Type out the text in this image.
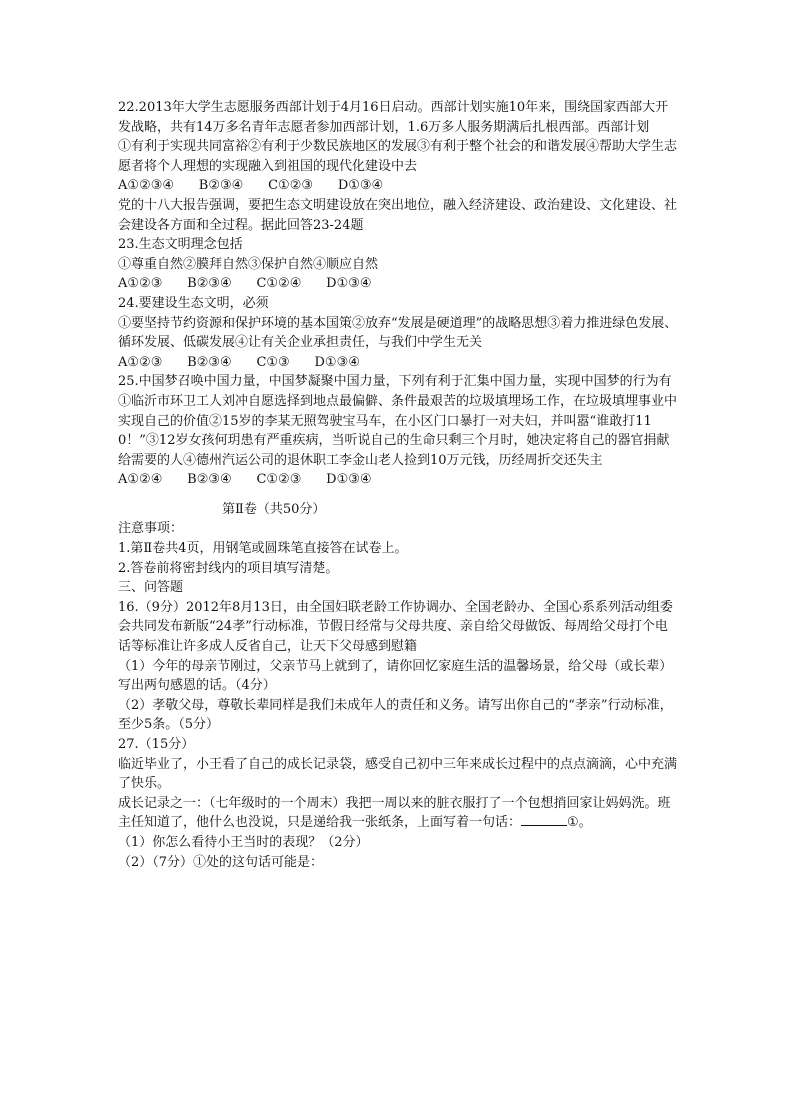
22.2013年大学生志愿服务西部计划于4月16日启动。西部计划实施10年来，围绕国家西部大开发战略，共有14万多名青年志愿者参加西部计划，1.6万多人服务期满后扎根西部。西部计划

①有利于实现共同富裕②有利于少数民族地区的发展③有利于整个社会的和谐发展④帮助大学生志愿者将个人理想的实现融入到祖国的现代化建设中去

A①②③④      B②③④      C①②③      D①③④

党的十八大报告强调，要把生态文明建设放在突出地位，融入经济建设、政治建设、文化建设、社会建设各方面和全过程。据此回答23-24题

23.生态文明理念包括

①尊重自然②膜拜自然③保护自然④顺应自然

A①②③      B②③④      C①②④      D①③④

24.要建设生态文明，必须

①要坚持节约资源和保护环境的基本国策②放弃“发展是硬道理”的战略思想③着力推进绿色发展、循环发展、低碳发展④让有关企业承担责任，与我们中学生无关

A①②③      B②③④      C①③      D①③④

25.中国梦召唤中国力量，中国梦凝聚中国力量，下列有利于汇集中国力量，实现中国梦的行为有

①临沂市环卫工人刘冲自愿选择到地点最偏僻、条件最艰苦的垃圾填埋场工作，在垃圾填埋事业中实现自己的价值②15岁的李某无照驾驶宝马车，在小区门口暴打一对夫妇，并叫嚣“谁敢打110！”③12岁女孩何玥患有严重疾病，当听说自己的生命只剩三个月时，她决定将自己的器官捐献给需要的人④德州汽运公司的退休职工李金山老人捡到10万元钱，历经周折交还失主

A①②④      B②③④      C①②③      D①③④

第Ⅱ卷（共50分）

注意事项：

1.第Ⅱ卷共4页，用钢笔或圆珠笔直接答在试卷上。

2.答卷前将密封线内的项目填写清楚。

三、问答题

16.（9分）2012年8月13日，由全国妇联老龄工作协调办、全国老龄办、全国心系系列活动组委会共同发布新版“24孝”行动标准，节假日经常与父母共度、亲自给父母做饭、每周给父母打个电话等标准让许多成人反省自己，让天下父母感到慰籍

（1）今年的母亲节刚过，父亲节马上就到了，请你回忆家庭生活的温馨场景，给父母（或长辈）写出两句感恩的话。（4分）

（2）孝敬父母，尊敬长辈同样是我们未成年人的责任和义务。请写出你自己的“孝亲”行动标准，至少5条。（5分）

27.（15分）

临近毕业了，小王看了自己的成长记录袋，感受自己初中三年来成长过程中的点点滴滴，心中充满了快乐。

成长记录之一：（七年级时的一个周末）我把一周以来的脏衣服打了一个包想捎回家让妈妈洗。班主任知道了，他什么也没说，只是递给我一张纸条，上面写着一句话：	①。

（1）你怎么看待小王当时的表现？（2分）

（2）（7分）①处的这句话可能是：
